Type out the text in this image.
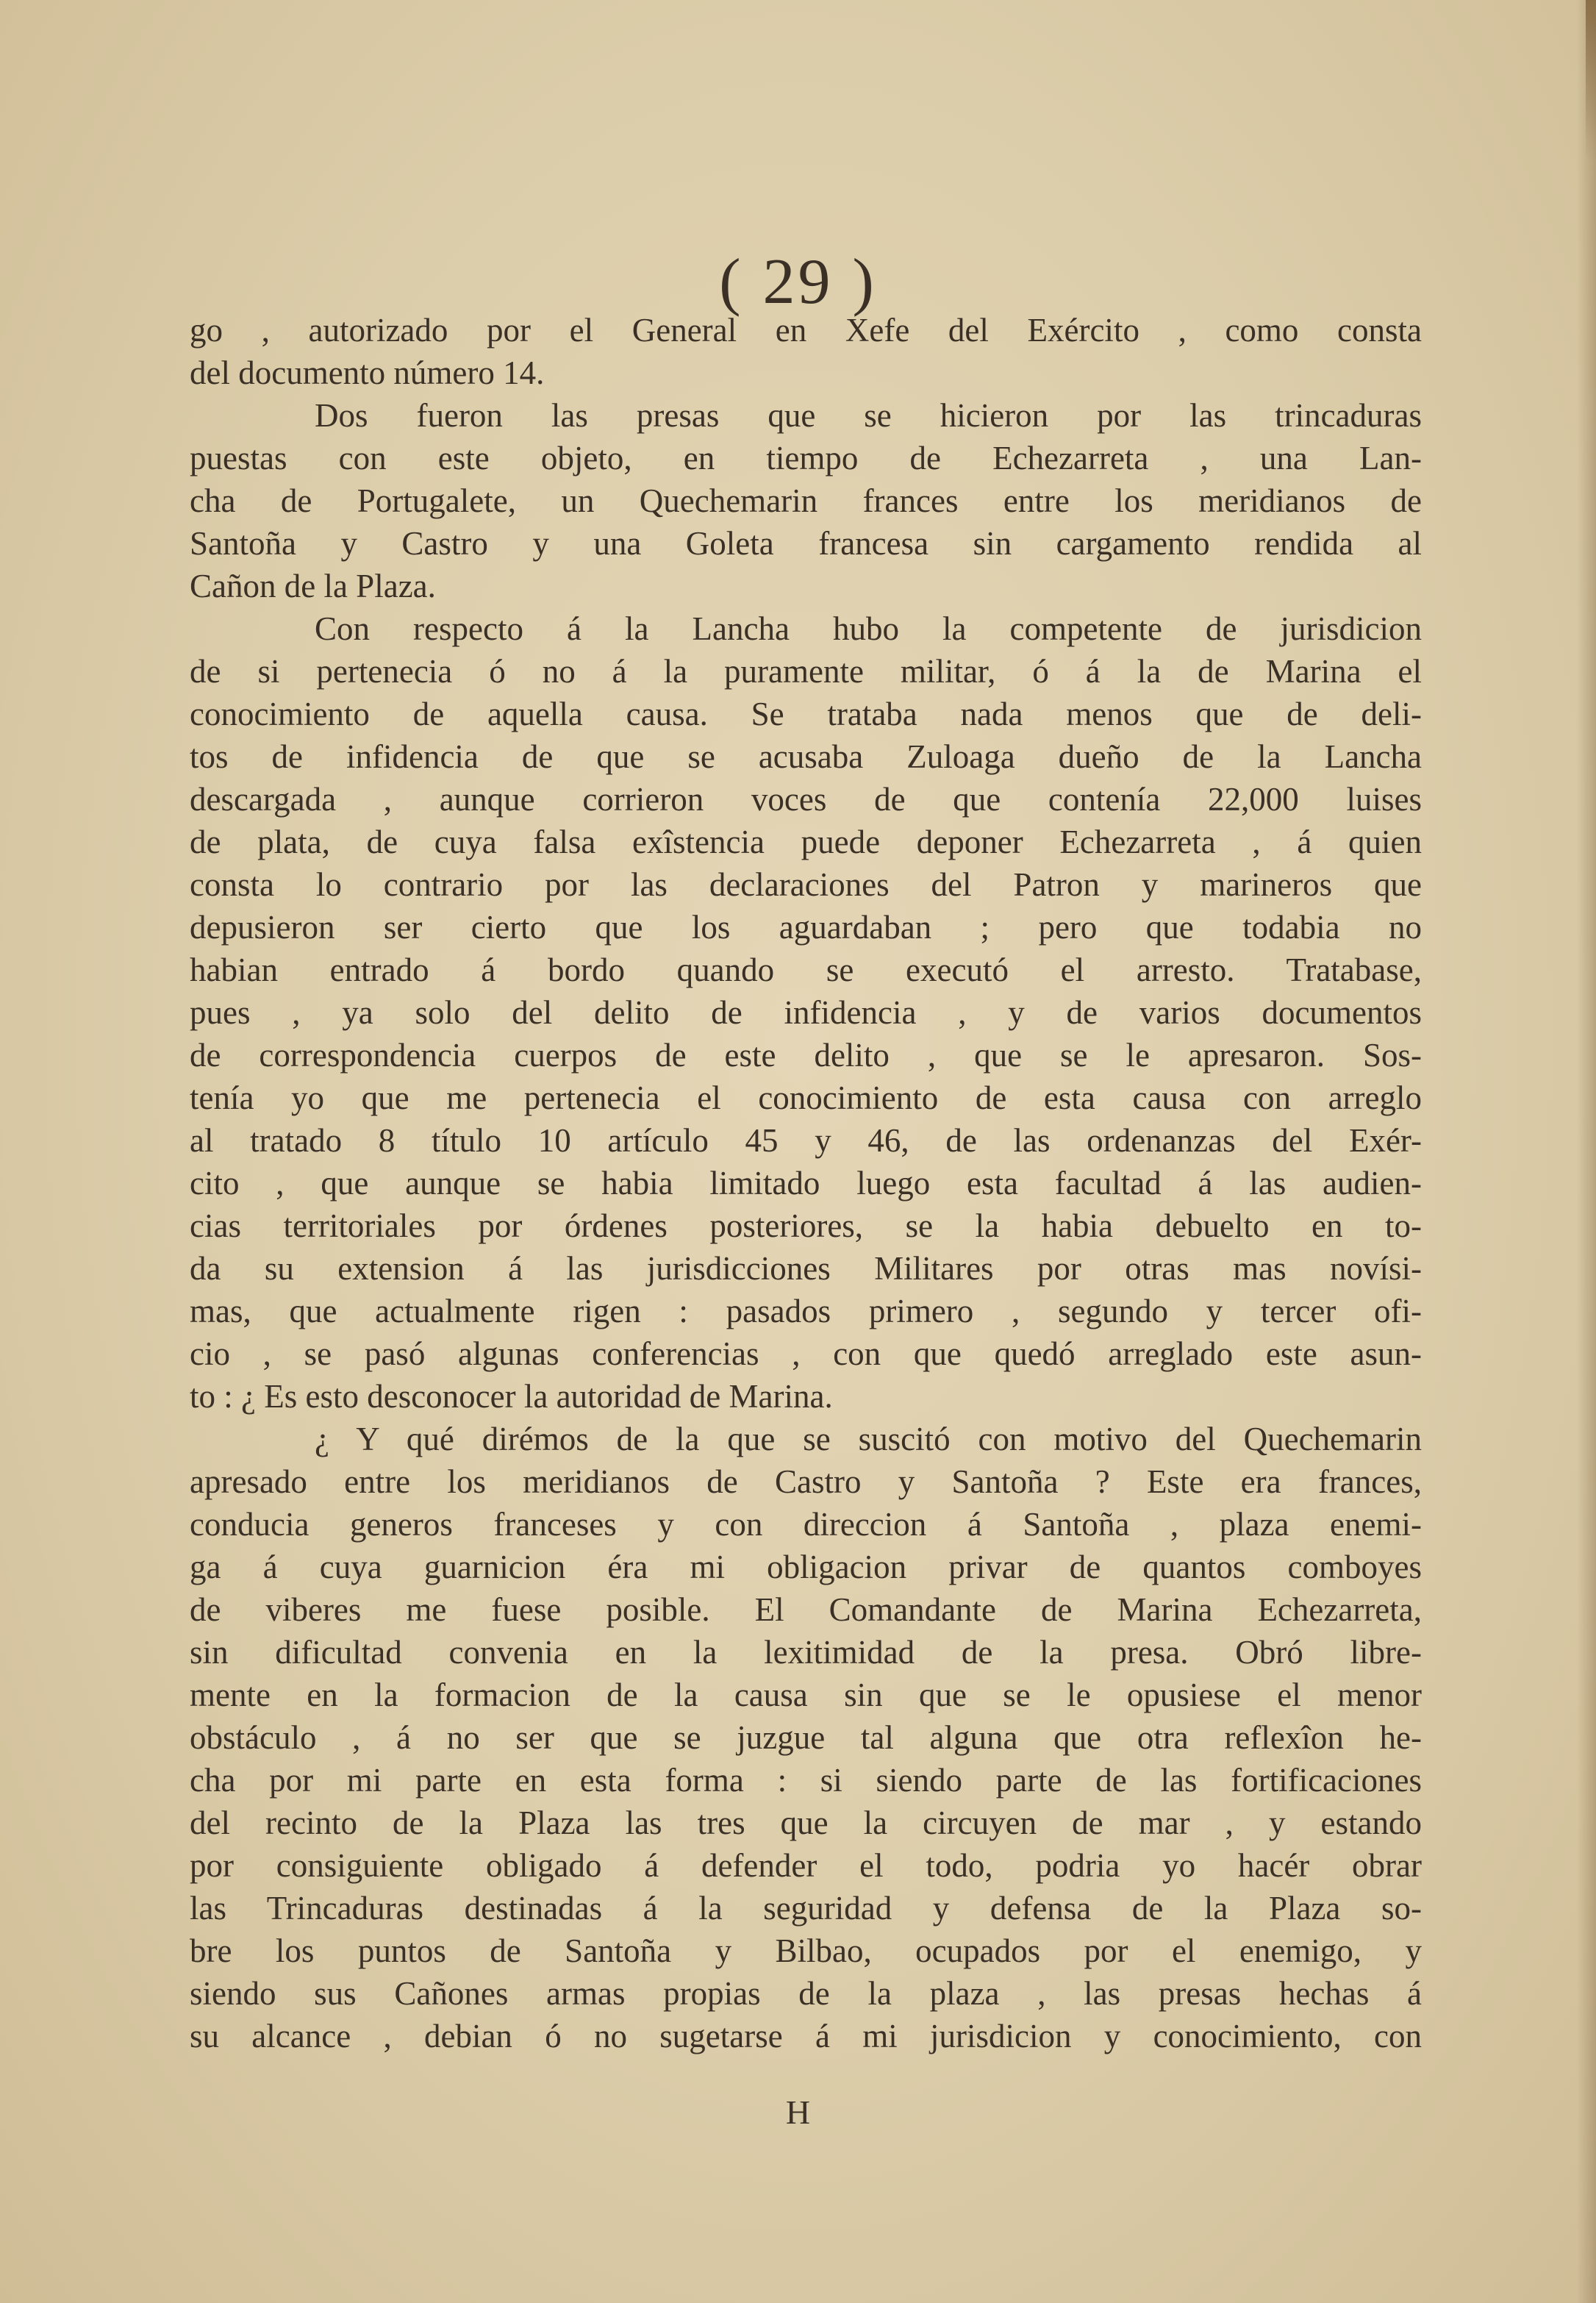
( 29 )
go , autorizado por el General en Xefe del Exército , como consta
del documento número 14.
Dos fueron las presas que se hicieron por las trincaduras
puestas con este objeto, en tiempo de Echezarreta , una Lan-
cha de Portugalete, un Quechemarin frances entre los meridianos de
Santoña y Castro y una Goleta francesa sin cargamento rendida al
Cañon de la Plaza.
Con respecto á la Lancha hubo la competente de jurisdicion
de si pertenecia ó no á la puramente militar, ó á la de Marina el
conocimiento de aquella causa. Se trataba nada menos que de deli-
tos de infidencia de que se acusaba Zuloaga dueño de la Lancha
descargada , aunque corrieron voces de que contenía 22,000 luises
de plata, de cuya falsa exîstencia puede deponer Echezarreta , á quien
consta lo contrario por las declaraciones del Patron y marineros que
depusieron ser cierto que los aguardaban ; pero que todabia no
habian entrado á bordo quando se executó el arresto. Tratabase,
pues , ya solo del delito de infidencia , y de varios documentos
de correspondencia cuerpos de este delito , que se le apresaron. Sos-
tenía yo que me pertenecia el conocimiento de esta causa con arreglo
al tratado 8 título 10 artículo 45 y 46, de las ordenanzas del Exér-
cito , que aunque se habia limitado luego esta facultad á las audien-
cias territoriales por órdenes posteriores, se la habia debuelto en to-
da su extension á las jurisdicciones Militares por otras mas novísi-
mas, que actualmente rigen : pasados primero , segundo y tercer ofi-
cio , se pasó algunas conferencias , con que quedó arreglado este asun-
to : ¿ Es esto desconocer la autoridad de Marina.
¿ Y qué dirémos de la que se suscitó con motivo del Quechemarin
apresado entre los meridianos de Castro y Santoña ? Este era frances,
conducia generos franceses y con direccion á Santoña , plaza enemi-
ga á cuya guarnicion éra mi obligacion privar de quantos comboyes
de viberes me fuese posible. El Comandante de Marina Echezarreta,
sin dificultad convenia en la lexitimidad de la presa. Obró libre-
mente en la formacion de la causa sin que se le opusiese el menor
obstáculo , á no ser que se juzgue tal alguna que otra reflexîon he-
cha por mi parte en esta forma : si siendo parte de las fortificaciones
del recinto de la Plaza las tres que la circuyen de mar , y estando
por consiguiente obligado á defender el todo, podria yo hacér obrar
las Trincaduras destinadas á la seguridad y defensa de la Plaza so-
bre los puntos de Santoña y Bilbao, ocupados por el enemigo, y
siendo sus Cañones armas propias de la plaza , las presas hechas á
su alcance , debian ó no sugetarse á mi jurisdicion y conocimiento, con
H
